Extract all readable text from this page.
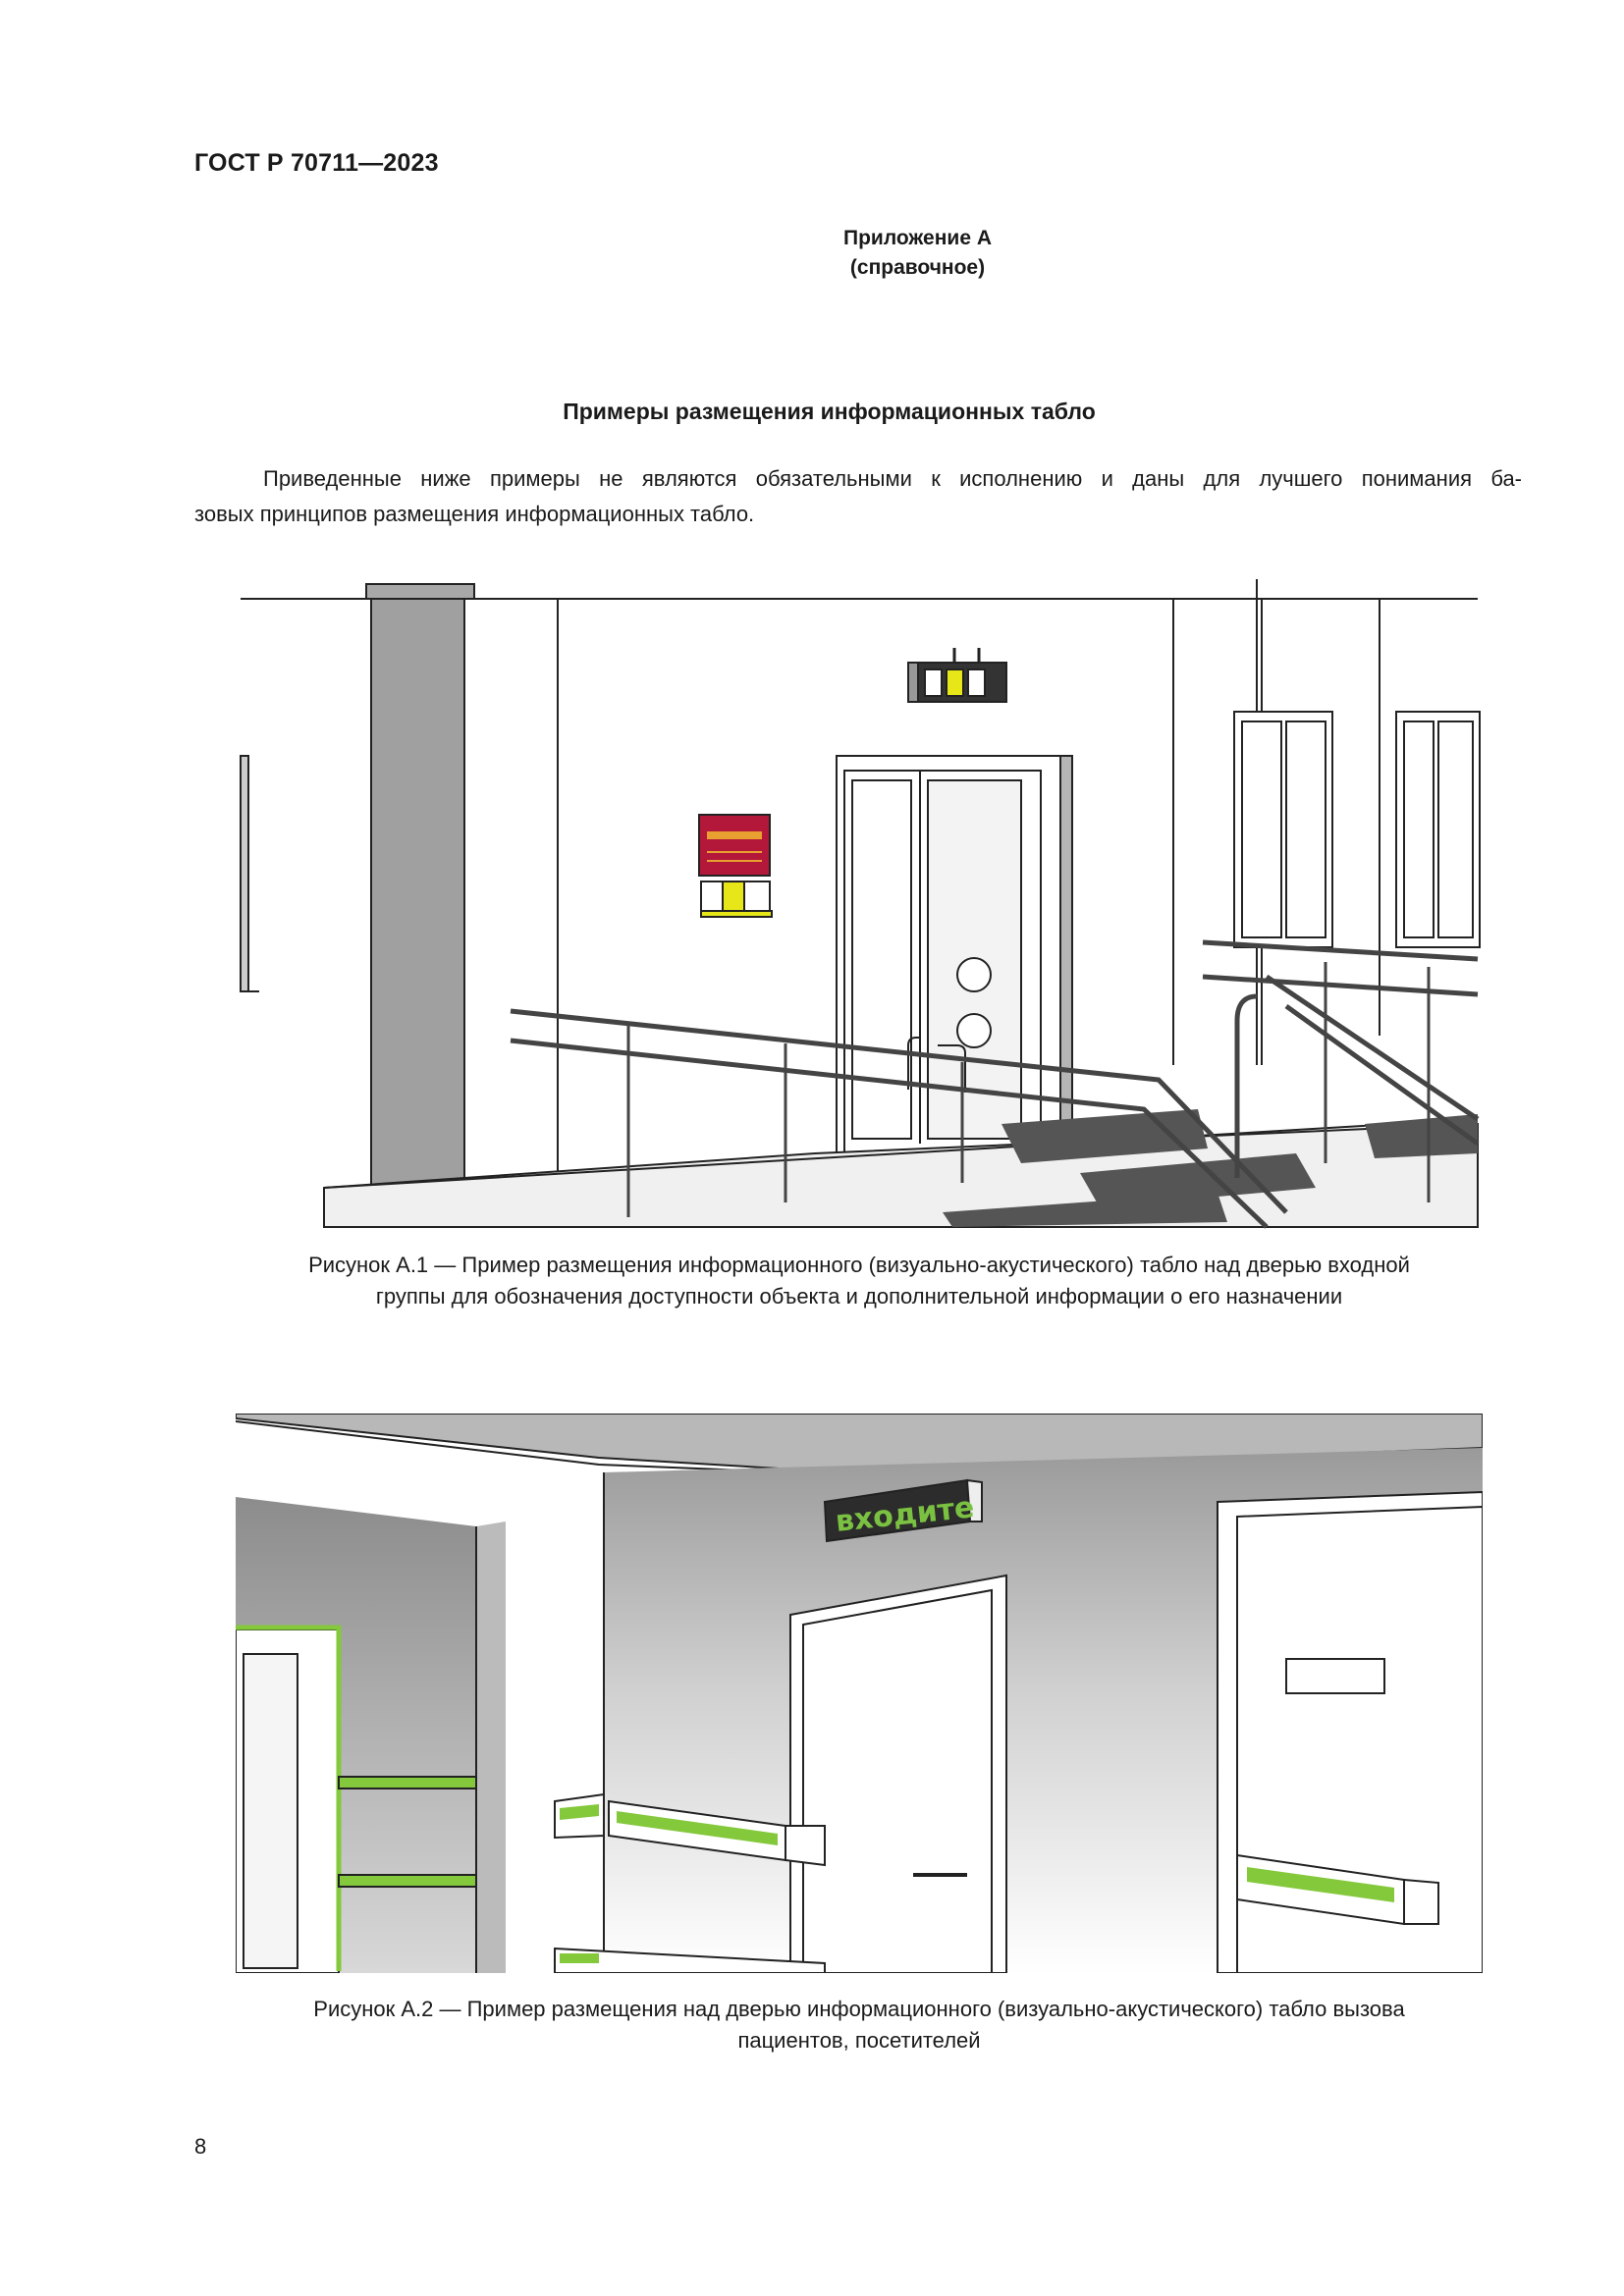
ГОСТ Р 70711—2023
Приложение А
(справочное)
Примеры размещения информационных табло
Приведенные ниже примеры не являются обязательными к исполнению и даны для лучшего понимания ба-
зовых принципов размещения информационных табло.
Рисунок А.1 — Пример размещения информационного (визуально-акустического) табло над дверью входной
группы для обозначения доступности объекта и дополнительной информации о его назначении
входите
Рисунок А.2 — Пример размещения над дверью информационного (визуально-акустического) табло вызова
пациентов, посетителей
8
